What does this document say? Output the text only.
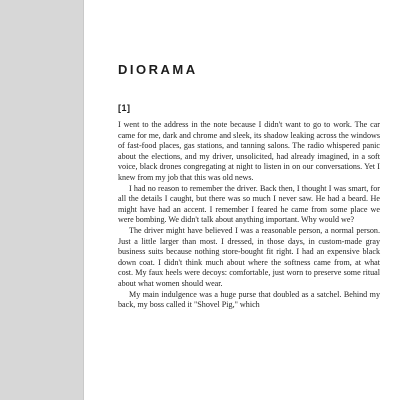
DIORAMA
[1]

I went to the address in the note because I didn't want to go to work. The car came for me, dark and chrome and sleek, its shadow leaking across the windows of fast-food places, gas stations, and tanning salons. The radio whispered panic about the elections, and my driver, unsolicited, had already imagined, in a soft voice, black drones congregating at night to listen in on our conversations. Yet I knew from my job that this was old news.

I had no reason to remember the driver. Back then, I thought I was smart, for all the details I caught, but there was so much I never saw. He had a beard. He might have had an accent. I remember I feared he came from some place we were bombing. We didn't talk about anything important. Why would we?

The driver might have believed I was a reasonable person, a normal person. Just a little larger than most. I dressed, in those days, in custom-made gray business suits because nothing store-bought fit right. I had an expensive black down coat. I didn't think much about where the softness came from, at what cost. My faux heels were decoys: comfortable, just worn to preserve some ritual about what women should wear.

My main indulgence was a huge purse that doubled as a satchel. Behind my back, my boss called it "Shovel Pig," which
